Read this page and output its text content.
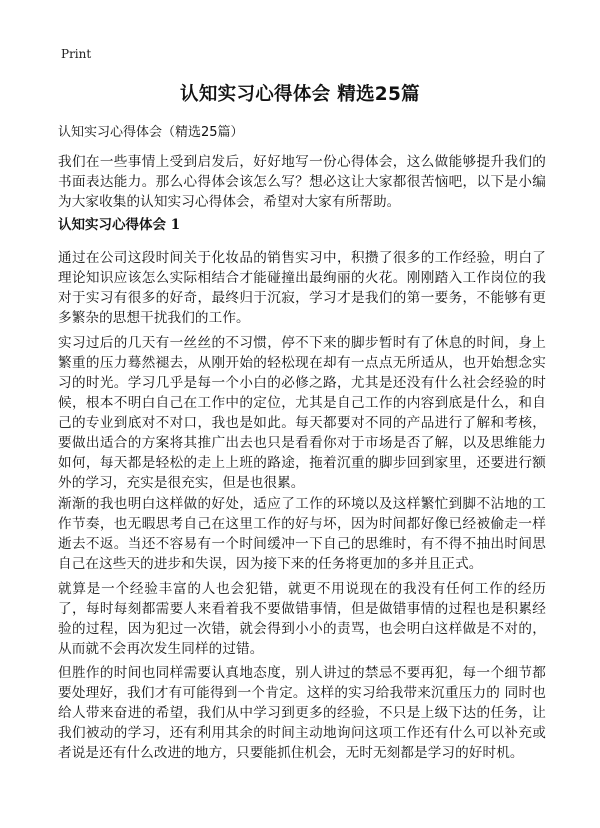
Print
认知实习心得体会 精选25篇

认知实习心得体会（精选25篇）

我们在一些事情上受到启发后，好好地写一份心得体会，这么做能够提升我们的书面表达能力。那么心得体会该怎么写？想必这让大家都很苦恼吧，以下是小编为大家收集的认知实习心得体会，希望对大家有所帮助。

认知实习心得体会 1

通过在公司这段时间关于化妆品的销售实习中，积攒了很多的工作经验，明白了理论知识应该怎么实际相结合才能碰撞出最绚丽的火花。刚刚踏入工作岗位的我对于实习有很多的好奇，最终归于沉寂，学习才是我们的第一要务，不能够有更多繁杂的思想干扰我们的工作。

实习过后的几天有一丝丝的不习惯，停不下来的脚步暂时有了休息的时间，身上繁重的压力蓦然褪去，从刚开始的轻松现在却有一点点无所适从，也开始想念实习的时光。学习几乎是每一个小白的必修之路，尤其是还没有什么社会经验的时候，根本不明白自己在工作中的定位，尤其是自己工作的内容到底是什么，和自己的专业到底对不对口，我也是如此。每天都要对不同的产品进行了解和考核，要做出适合的方案将其推广出去也只是看看你对于市场是否了解，以及思维能力如何，每天都是轻松的走上上班的路途，拖着沉重的脚步回到家里，还要进行额外的学习，充实是很充实，但是也很累。

渐渐的我也明白这样做的好处，适应了工作的环境以及这样繁忙到脚不沾地的工作节奏，也无暇思考自己在这里工作的好与坏，因为时间都好像已经被偷走一样逝去不返。当还不容易有一个时间缓冲一下自己的思维时，有不得不抽出时间思自己在这些天的进步和失误，因为接下来的任务将更加的多并且正式。

就算是一个经验丰富的人也会犯错，就更不用说现在的我没有任何工作的经历了，每时每刻都需要人来看着我不要做错事情，但是做错事情的过程也是积累经验的过程，因为犯过一次错，就会得到小小的责骂，也会明白这样做是不对的，从而就不会再次发生同样的过错。

但胜作的时间也同样需要认真地态度，别人讲过的禁忌不要再犯，每一个细节都要处理好，我们才有可能得到一个肯定。这样的实习给我带来沉重压力的 同时也给人带来奋进的希望，我们从中学习到更多的经验，不只是上级下达的任务，让我们被动的学习，还有利用其余的时间主动地询问这项工作还有什么可以补充或者说是还有什么改进的地方，只要能抓住机会，无时无刻都是学习的好时机。
